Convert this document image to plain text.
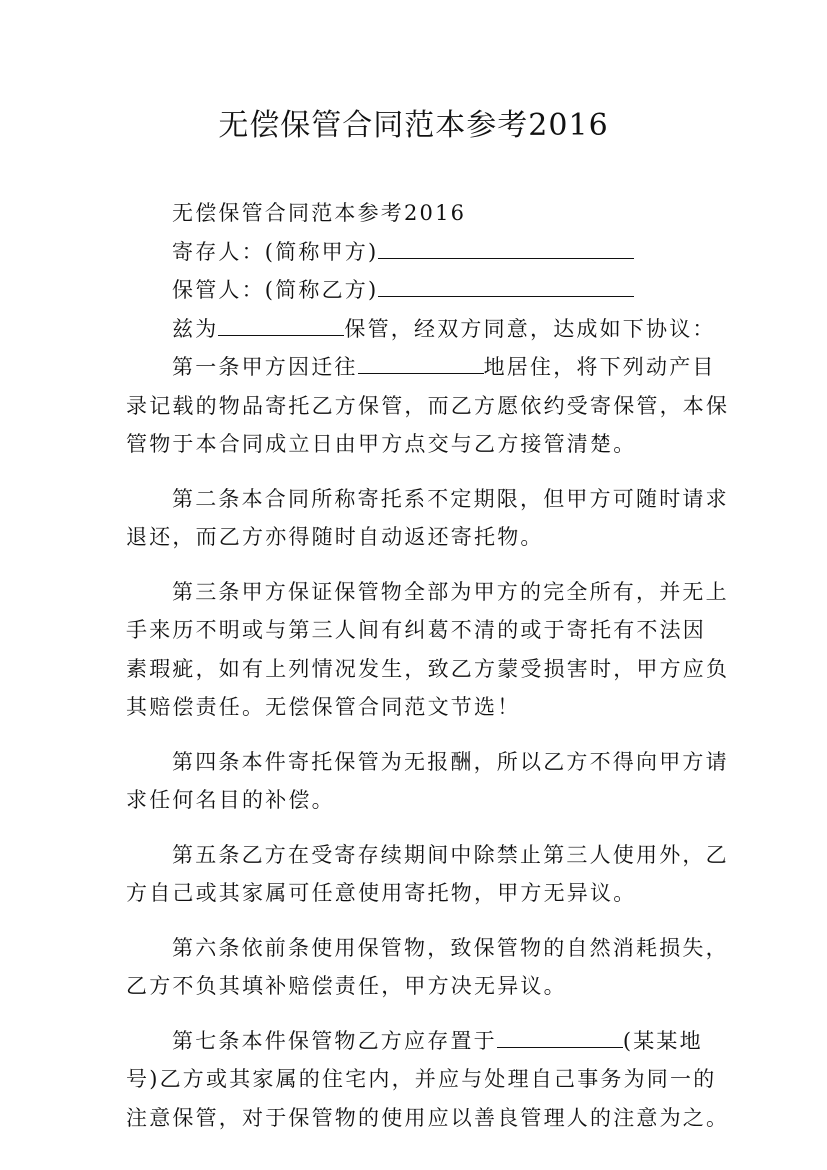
无偿保管合同范本参考2016
无偿保管合同范本参考2016
寄存人：(简称甲方)
保管人：(简称乙方)
兹为	保管，经双方同意，达成如下协议：
第一条甲方因迁往	地居住，将下列动产目
录记载的物品寄托乙方保管，而乙方愿依约受寄保管，本保
管物于本合同成立日由甲方点交与乙方接管清楚。
第二条本合同所称寄托系不定期限，但甲方可随时请求
退还，而乙方亦得随时自动返还寄托物。
第三条甲方保证保管物全部为甲方的完全所有，并无上
手来历不明或与第三人间有纠葛不清的或于寄托有不法因
素瑕疵，如有上列情况发生，致乙方蒙受损害时，甲方应负
其赔偿责任。无偿保管合同范文节选！
第四条本件寄托保管为无报酬，所以乙方不得向甲方请
求任何名目的补偿。
第五条乙方在受寄存续期间中除禁止第三人使用外，乙
方自己或其家属可任意使用寄托物，甲方无异议。
第六条依前条使用保管物，致保管物的自然消耗损失，
乙方不负其填补赔偿责任，甲方决无异议。
第七条本件保管物乙方应存置于	(某某地
号)乙方或其家属的住宅内，并应与处理自己事务为同一的
注意保管，对于保管物的使用应以善良管理人的注意为之。
